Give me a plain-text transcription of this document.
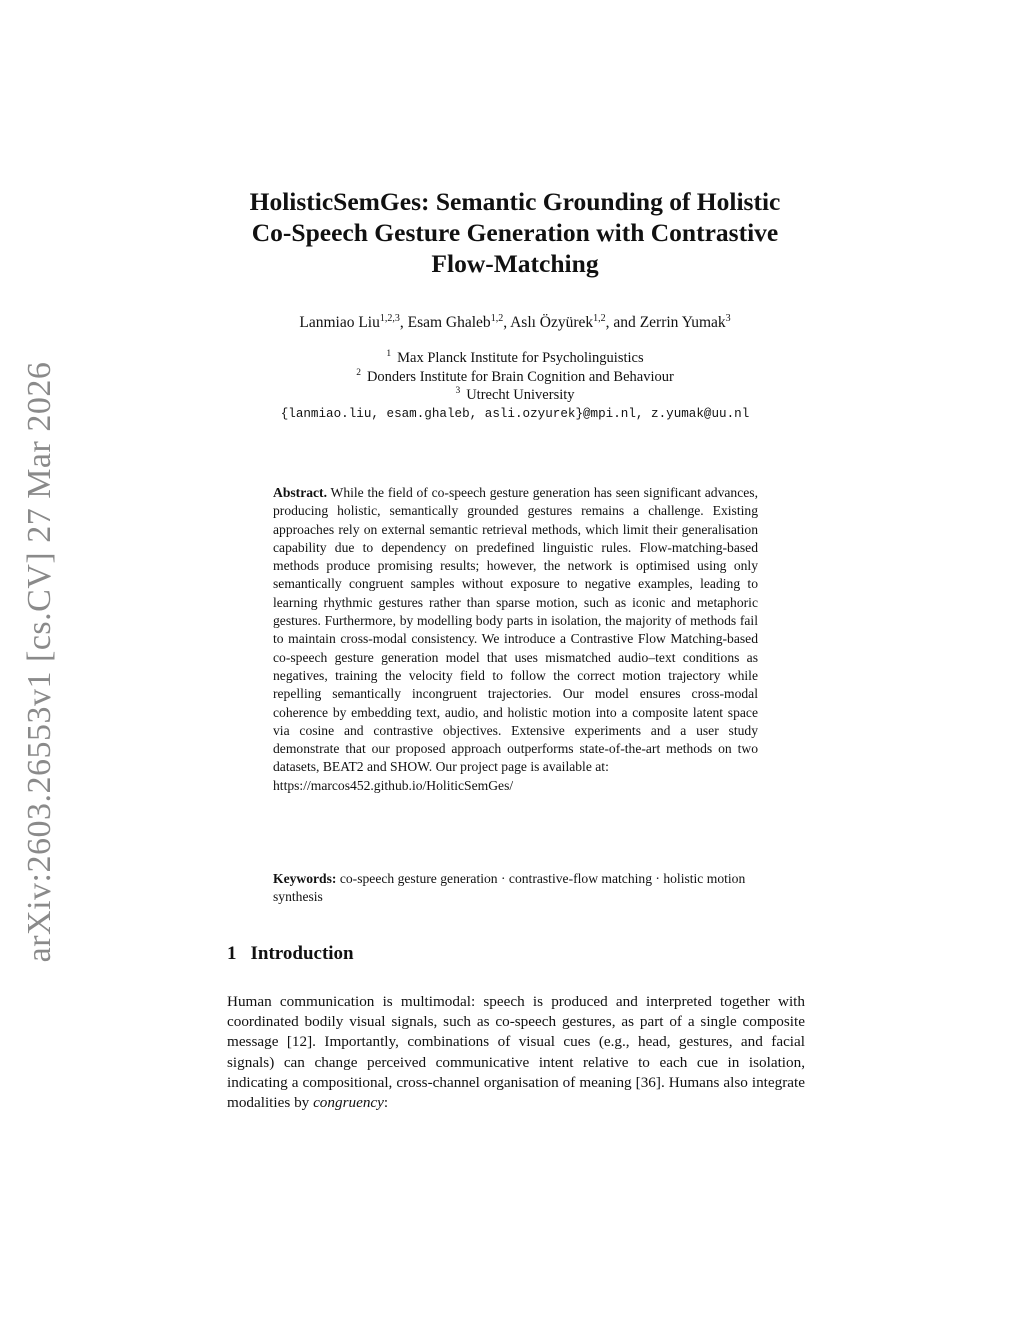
arXiv:2603.26553v1 [cs.CV] 27 Mar 2026
HolisticSemGes: Semantic Grounding of Holistic
Co-Speech Gesture Generation with Contrastive
Flow-Matching
Lanmiao Liu$^{1,2,3}$, Esam Ghaleb$^{1,2}$, Aslı Özyürek$^{1,2}$, and Zerrin Yumak$^3$
$^1$ Max Planck Institute for Psycholinguistics
$^2$ Donders Institute for Brain Cognition and Behaviour
$^3$ Utrecht University
{lanmiao.liu, esam.ghaleb, asli.ozyurek}@mpi.nl, z.yumak@uu.nl
Abstract. While the field of co-speech gesture generation has seen significant advances, producing holistic, semantically grounded gestures remains a challenge. Existing approaches rely on external semantic retrieval methods, which limit their generalisation capability due to dependency on predefined linguistic rules. Flow-matching-based methods produce promising results; however, the network is optimised using only semantically congruent samples without exposure to negative examples, leading to learning rhythmic gestures rather than sparse motion, such as iconic and metaphoric gestures. Furthermore, by modelling body parts in isolation, the majority of methods fail to maintain cross-modal consistency. We introduce a Contrastive Flow Matching-based co-speech gesture generation model that uses mismatched audio–text conditions as negatives, training the velocity field to follow the correct motion trajectory while repelling semantically incongruent trajectories. Our model ensures cross-modal coherence by embedding text, audio, and holistic motion into a composite latent space via cosine and contrastive objectives. Extensive experiments and a user study demonstrate that our proposed approach outperforms state-of-the-art methods on two datasets, BEAT2 and SHOW. Our project page is available at:
https://marcos452.github.io/HoliticSemGes/
Keywords: co-speech gesture generation · contrastive-flow matching · holistic motion synthesis
1 Introduction
Human communication is multimodal: speech is produced and interpreted together with coordinated bodily visual signals, such as co-speech gestures, as part of a single composite message [12]. Importantly, combinations of visual cues (e.g., head, gestures, and facial signals) can change perceived communicative intent relative to each cue in isolation, indicating a compositional, cross-channel organisation of meaning [36]. Humans also integrate modalities by congruency:
